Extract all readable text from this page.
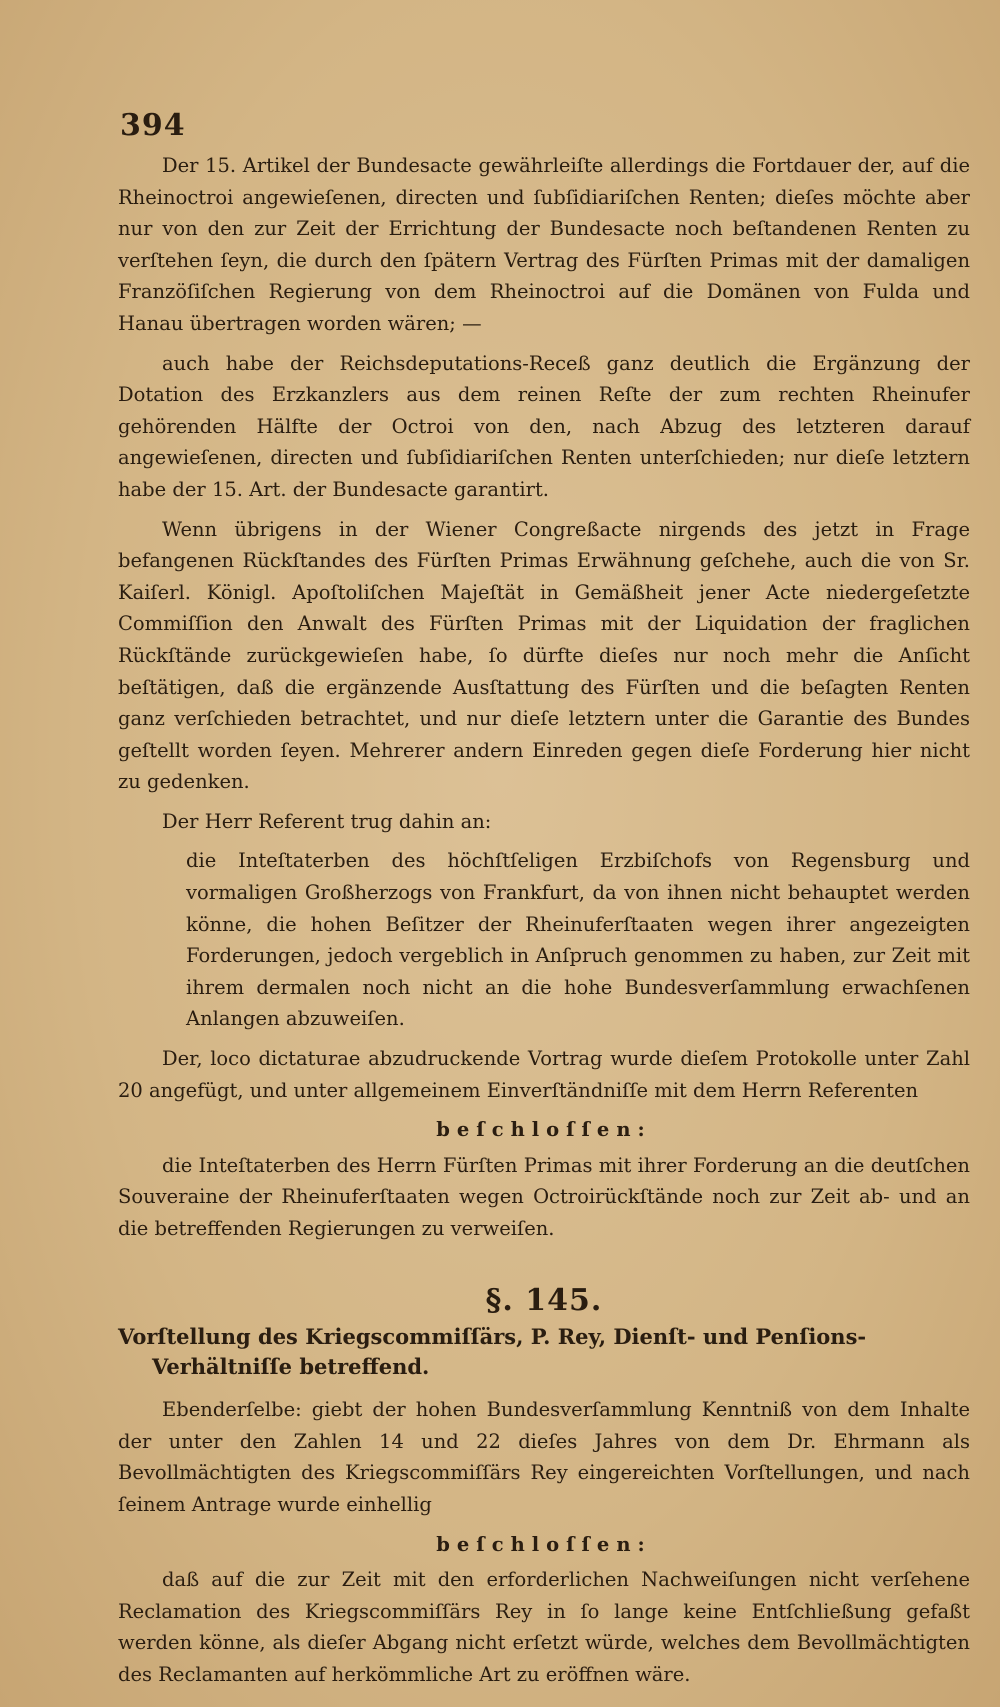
394

Der 15. Artikel der Bundesacte gewährleiſte allerdings die Fortdauer der, auf die Rheinoctroi angewieſenen, directen und ſubſidiariſchen Renten; dieſes möchte aber nur von den zur Zeit der Errichtung der Bundesacte noch beſtandenen Renten zu verſtehen ſeyn, die durch den ſpätern Vertrag des Fürſten Primas mit der damaligen Franzöſiſchen Regierung von dem Rheinoctroi auf die Domänen von Fulda und Hanau übertragen worden wären; —

auch habe der Reichsdeputations-Receß ganz deutlich die Ergänzung der Dotation des Erzkanzlers aus dem reinen Reſte der zum rechten Rheinufer gehörenden Hälfte der Octroi von den, nach Abzug des letzteren darauf angewieſenen, directen und ſubſidiariſchen Renten unterſchieden; nur dieſe letztern habe der 15. Art. der Bundesacte garantirt.

Wenn übrigens in der Wiener Congreßacte nirgends des jetzt in Frage befangenen Rückſtandes des Fürſten Primas Erwähnung geſchehe, auch die von Sr. Kaiſerl. Königl. Apoſtoliſchen Majeſtät in Gemäßheit jener Acte niedergeſetzte Commiſſion den Anwalt des Fürſten Primas mit der Liquidation der fraglichen Rückſtände zurückgewieſen habe, ſo dürfte dieſes nur noch mehr die Anſicht beſtätigen, daß die ergänzende Ausſtattung des Fürſten und die beſagten Renten ganz verſchieden betrachtet, und nur dieſe letztern unter die Garantie des Bundes geſtellt worden ſeyen. Mehrerer andern Einreden gegen dieſe Forderung hier nicht zu gedenken.

Der Herr Referent trug dahin an:

die Inteſtaterben des höchſtſeligen Erzbiſchofs von Regensburg und vormaligen Großherzogs von Frankfurt, da von ihnen nicht behauptet werden könne, die hohen Beſitzer der Rheinuferſtaaten wegen ihrer angezeigten Forderungen, jedoch vergeblich in Anſpruch genommen zu haben, zur Zeit mit ihrem dermalen noch nicht an die hohe Bundesverſammlung erwachſenen Anlangen abzuweiſen.

Der, loco dictaturae abzudruckende Vortrag wurde dieſem Protokolle unter Zahl 20 angefügt, und unter allgemeinem Einverſtändniſſe mit dem Herrn Referenten

beſchloſſen:

die Inteſtaterben des Herrn Fürſten Primas mit ihrer Forderung an die deutſchen Souveraine der Rheinuferſtaaten wegen Octroirückſtände noch zur Zeit ab- und an die betreffenden Regierungen zu verweiſen.

§. 145.
Vorſtellung des Kriegscommiſſärs, P. Rey, Dienſt- und Penſions-Verhältniſſe betreffend.

Ebenderſelbe: giebt der hohen Bundesverſammlung Kenntniß von dem Inhalte der unter den Zahlen 14 und 22 dieſes Jahres von dem Dr. Ehrmann als Bevollmächtigten des Kriegscommiſſärs Rey eingereichten Vorſtellungen, und nach ſeinem Antrage wurde einhellig

beſchloſſen:

daß auf die zur Zeit mit den erforderlichen Nachweiſungen nicht verſehene Reclamation des Kriegscommiſſärs Rey in ſo lange keine Entſchließung gefaßt werden könne, als dieſer Abgang nicht erſetzt würde, welches dem Bevollmächtigten des Reclamanten auf herkömmliche Art zu eröffnen wäre.
